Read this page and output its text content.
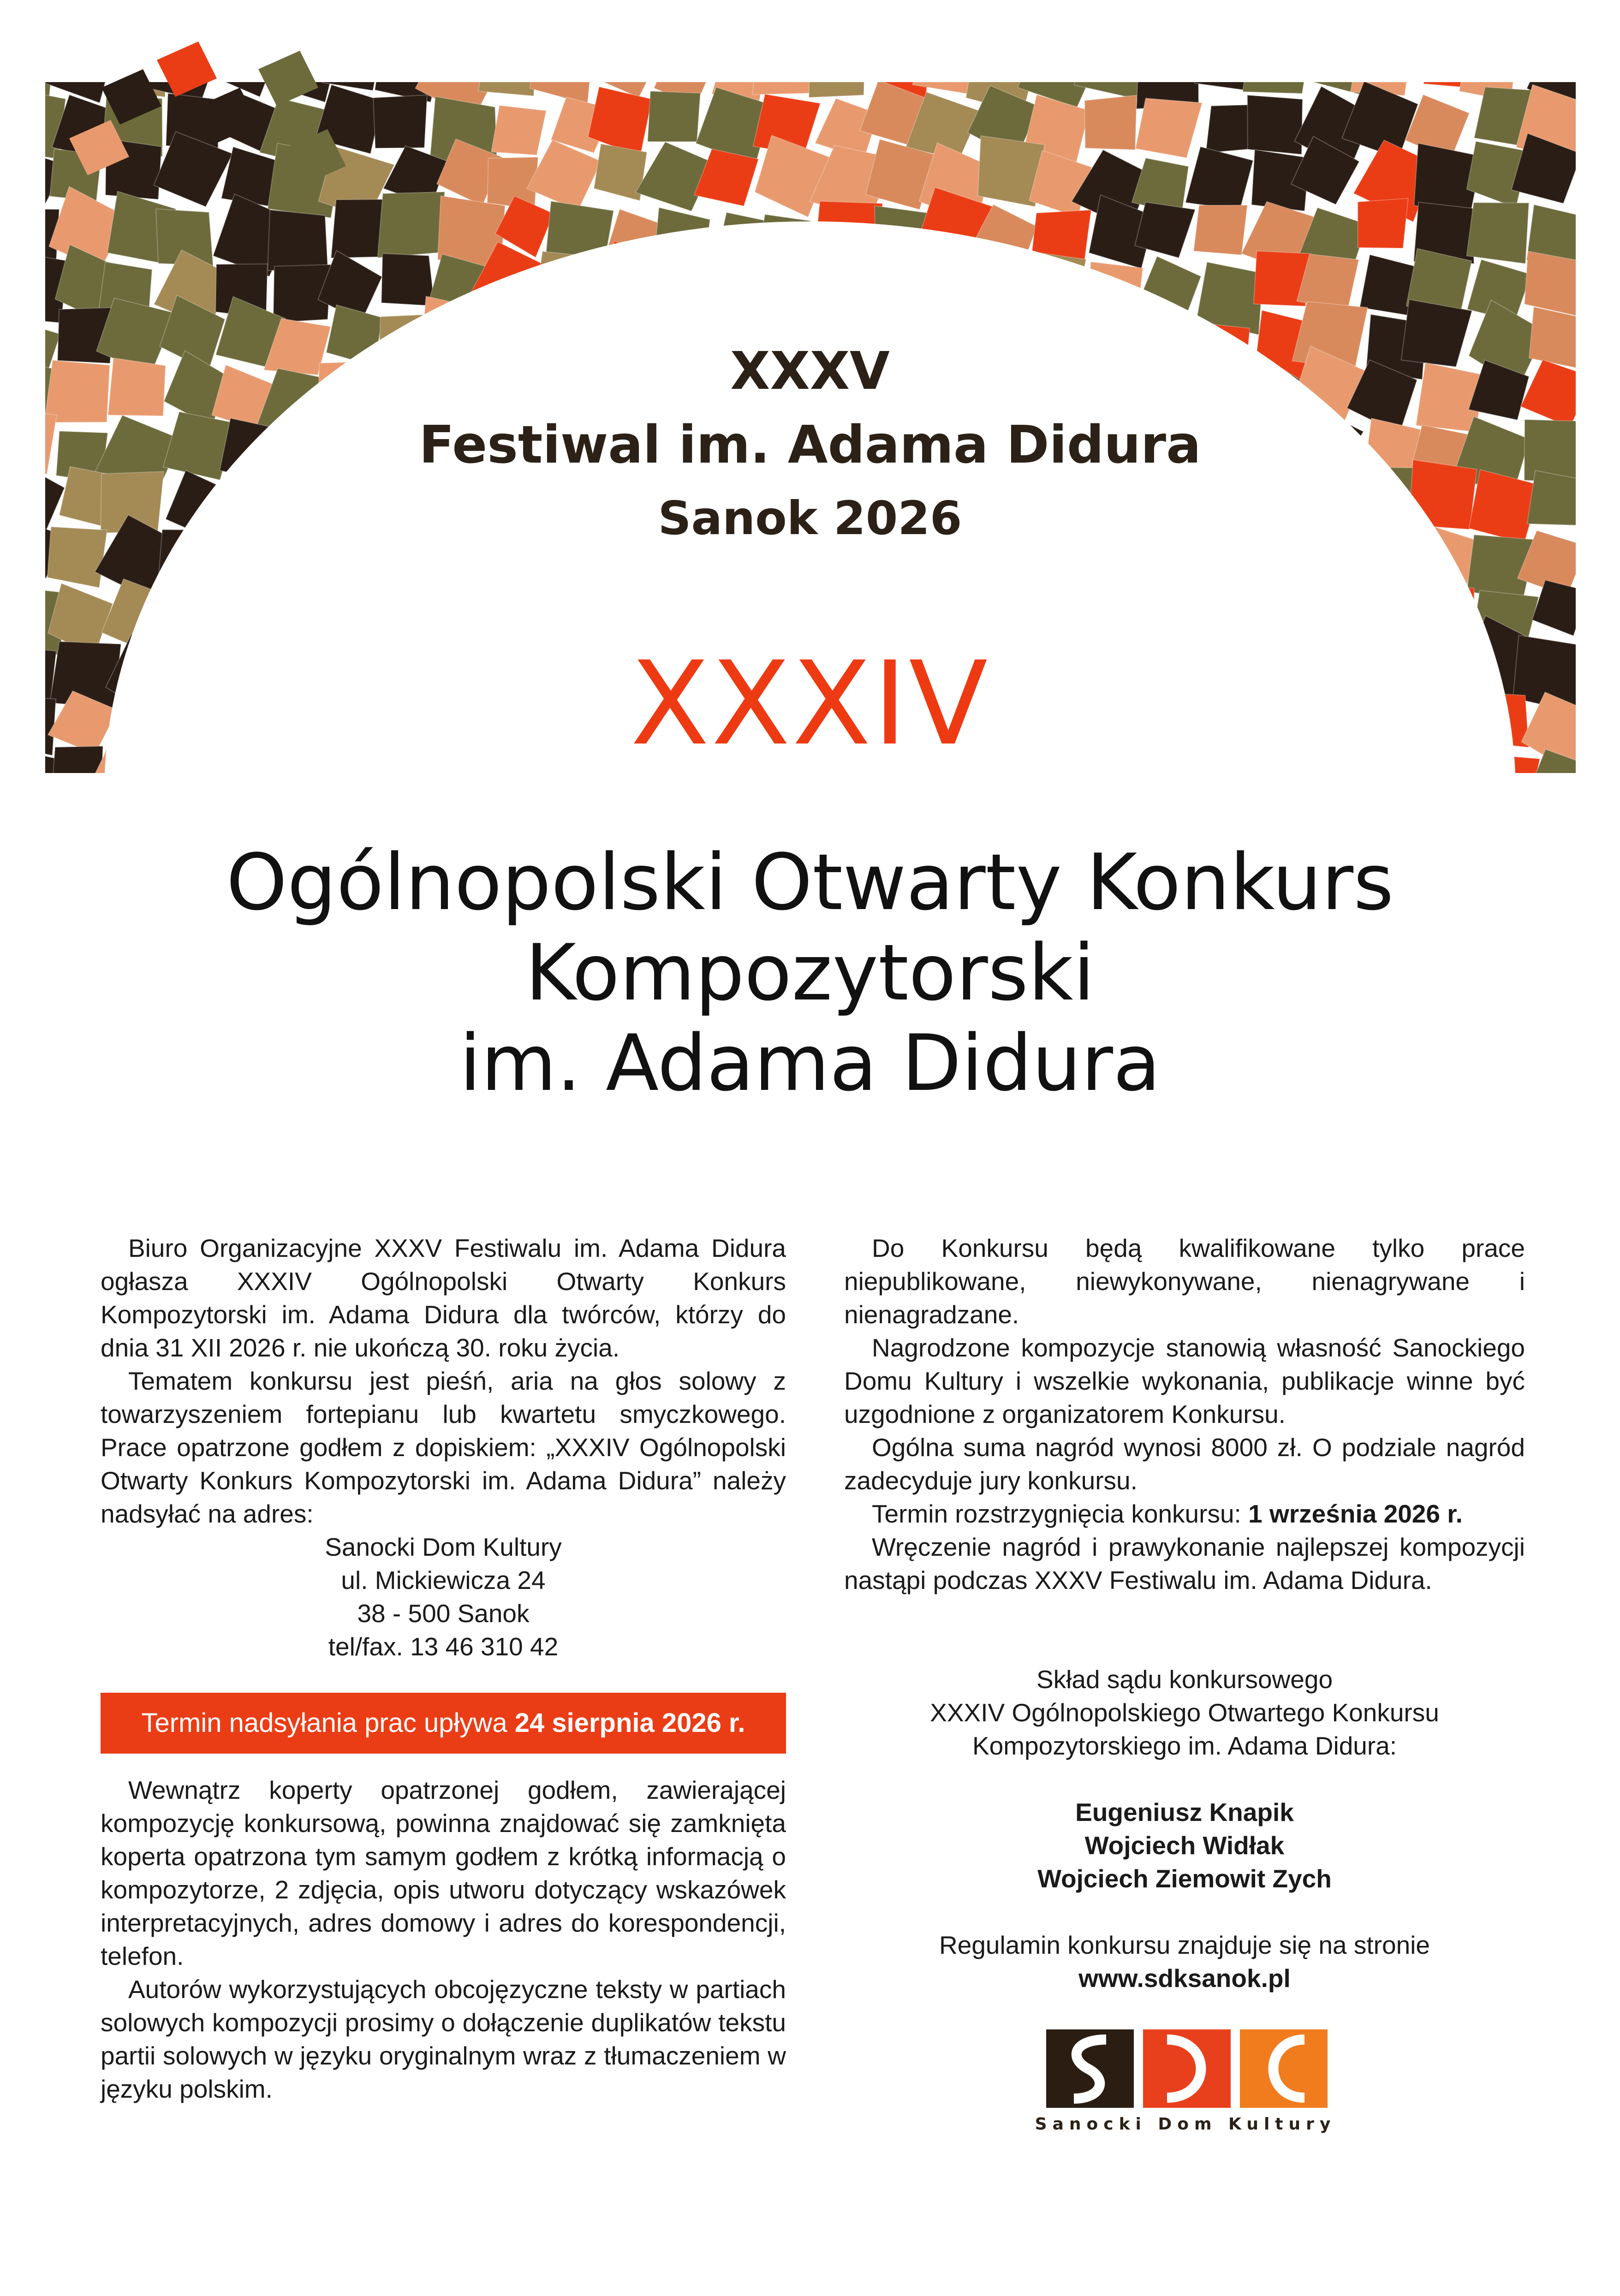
XXXV
Festiwal im. Adama Didura
Sanok 2026
XXXIV
Ogólnopolski Otwarty Konkurs
Kompozytorski
im. Adama Didura

Biuro Organizacyjne XXXV Festiwalu im. Adama Didura ogłasza XXXIV Ogólnopolski Otwarty Konkurs Kompozytorski im. Adama Didura dla twórców, którzy do dnia 31 XII 2026 r. nie ukończą 30. roku życia.

Tematem konkursu jest pieśń, aria na głos solowy z towarzyszeniem fortepianu lub kwartetu smyczkowego. Prace opatrzone godłem z dopiskiem: „XXXIV Ogólnopolski Otwarty Konkurs Kompozytorski im. Adama Didura” należy nadsyłać na adres:

Sanocki Dom Kultury
ul. Mickiewicza 24
38 - 500 Sanok
tel/fax. 13 46 310 42
Termin nadsyłania prac upływa 24 sierpnia 2026 r.

Wewnątrz koperty opatrzonej godłem, zawierającej kompozycję konkursową, powinna znajdować się zamknięta koperta opatrzona tym samym godłem z krótką informacją o kompozytorze, 2 zdjęcia, opis utworu dotyczący wskazówek interpretacyjnych, adres domowy i adres do korespondencji, telefon.

Autorów wykorzystujących obcojęzyczne teksty w partiach solowych kompozycji prosimy o dołączenie duplikatów tekstu partii solowych w języku oryginalnym wraz z tłumaczeniem w języku polskim.

Do Konkursu będą kwalifikowane tylko prace niepublikowane, niewykonywane, nienagrywane i nienagradzane.

Nagrodzone kompozycje stanowią własność Sanockiego Domu Kultury i wszelkie wykonania, publikacje winne być uzgodnione z organizatorem Konkursu.

Ogólna suma nagród wynosi 8000 zł. O podziale nagród zadecyduje jury konkursu.

Termin rozstrzygnięcia konkursu: 1 września 2026 r.

Wręczenie nagród i prawykonanie najlepszej kompozycji nastąpi podczas XXXV Festiwalu im. Adama Didura.

Skład sądu konkursowego
XXXIV Ogólnopolskiego Otwartego Konkursu
Kompozytorskiego im. Adama Didura:
Eugeniusz Knapik
Wojciech Widłak
Wojciech Ziemowit Zych
Regulamin konkursu znajduje się na stronie
www.sdksanok.pl
Sanocki Dom Kultury
